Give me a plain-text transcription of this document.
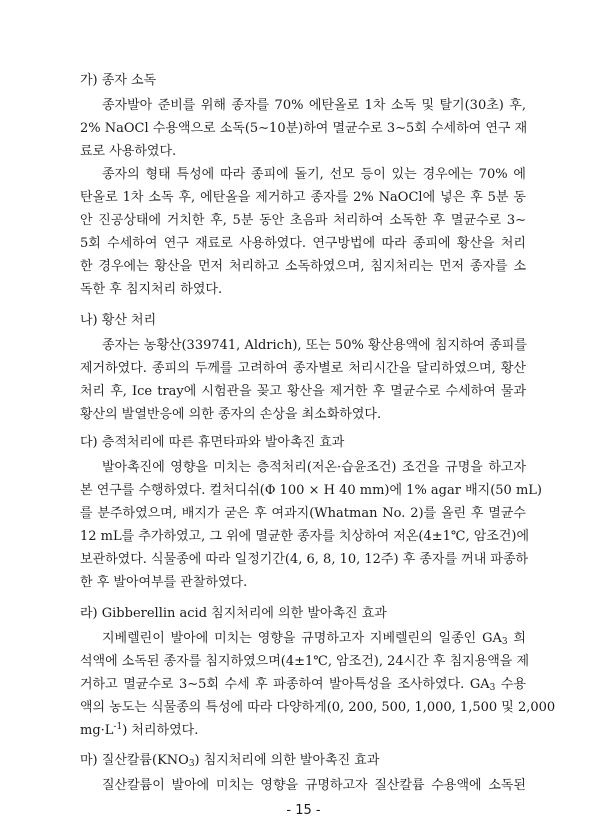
가) 종자 소독
종자발아 준비를 위해 종자를 70% 에탄올로 1차 소독 및 탈기(30초) 후,
2% NaOCl 수용액으로 소독(5∼10분)하여 멸균수로 3∼5회 수세하여 연구 재
료로 사용하였다.
종자의 형태 특성에 따라 종피에 돌기, 선모 등이 있는 경우에는 70% 에
탄올로 1차 소독 후, 에탄올을 제거하고 종자를 2% NaOCl에 넣은 후 5분 동
안 진공상태에 거치한 후, 5분 동안 초음파 처리하여 소독한 후 멸균수로 3∼
5회 수세하여 연구 재료로 사용하였다. 연구방법에 따라 종피에 황산을 처리
한 경우에는 황산을 먼저 처리하고 소독하였으며, 침지처리는 먼저 종자를 소
독한 후 침지처리 하였다.
나) 황산 처리
종자는 농황산(339741, Aldrich), 또는 50% 황산용액에 침지하여 종피를
제거하였다. 종피의 두께를 고려하여 종자별로 처리시간을 달리하였으며, 황산
처리 후, Ice tray에 시험관을 꽂고 황산을 제거한 후 멸균수로 수세하여 물과
황산의 발열반응에 의한 종자의 손상을 최소화하였다.
다) 층적처리에 따른 휴면타파와 발아촉진 효과
발아촉진에 영향을 미치는 층적처리(저온·습윤조건) 조건을 규명을 하고자
본 연구를 수행하였다. 컬처디쉬(Φ 100 × H 40 mm)에 1% agar 배지(50 mL)
를 분주하였으며, 배지가 굳은 후 여과지(Whatman No. 2)를 올린 후 멸균수
12 mL를 추가하였고, 그 위에 멸균한 종자를 치상하여 저온(4±1℃, 암조건)에
보관하였다. 식물종에 따라 일정기간(4, 6, 8, 10, 12주) 후 종자를 꺼내 파종하
한 후 발아여부를 관찰하였다.
라) Gibberellin acid 침지처리에 의한 발아촉진 효과
지베렐린이 발아에 미치는 영향을 규명하고자 지베렐린의 일종인 $GA_3$ 희
석액에 소독된 종자를 침지하였으며(4±1℃, 암조건), 24시간 후 침지용액을 제
거하고 멸균수로 3∼5회 수세 후 파종하여 발아특성을 조사하였다. $GA_3$ 수용
액의 농도는 식물종의 특성에 따라 다양하게(0, 200, 500, 1,000, 1,500 및 2,000
$mg\cdot L^{-1}$) 처리하였다.
마) 질산칼륨$(KNO_3)$ 침지처리에 의한 발아촉진 효과
질산칼륨이 발아에 미치는 영향을 규명하고자 질산칼륨 수용액에 소독된
- 15 -
